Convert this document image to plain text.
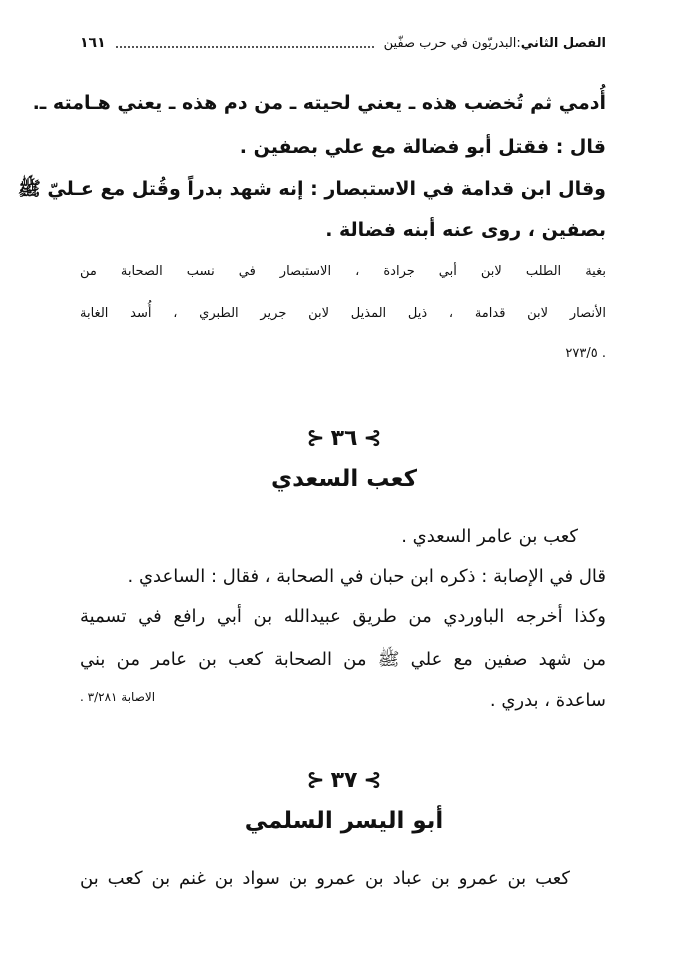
الفصل الثاني:البدريّون في حرب صفّين
١٦١
أُدمي ثم تُخضب هذه ـ يعني لحيته ـ من دم هذه ـ يعني هـامته ـ.
قال : فقتل أبو فضالة مع علي بصفين .
وقال ابن قدامة في الاستبصار : إنه شهد بدراً وقُتل مع عـليّ ﷺ
بصفين ، روى عنه أبنه فضالة .
بغية الطلب لابن أبي جرادة ، الاستبصار في نسب الصحابة من
الأنصار لابن قدامة ، ذيل المذيل لابن جرير الطبري ، أُسد الغابة
. ٢٧٣/٥
⊱٣٦⊰
كعب السعدي
كعب بن عامر السعدي .
قال في الإصابة : ذكره ابن حبان في الصحابة ، فقال : الساعدي .
وكذا أخرجه الباوردي من طريق عبيدالله بن أبي رافع في تسمية
من شهد صفين مع علي ﷺ من الصحابة كعب بن عامر من بني
ساعدة ، بدري .
الاصابة ٣/٢٨١ .
⊱٣٧⊰
أبو اليسر السلمي
كعب بن عمرو بن عباد بن عمرو بن سواد بن غنم بن كعب بن
